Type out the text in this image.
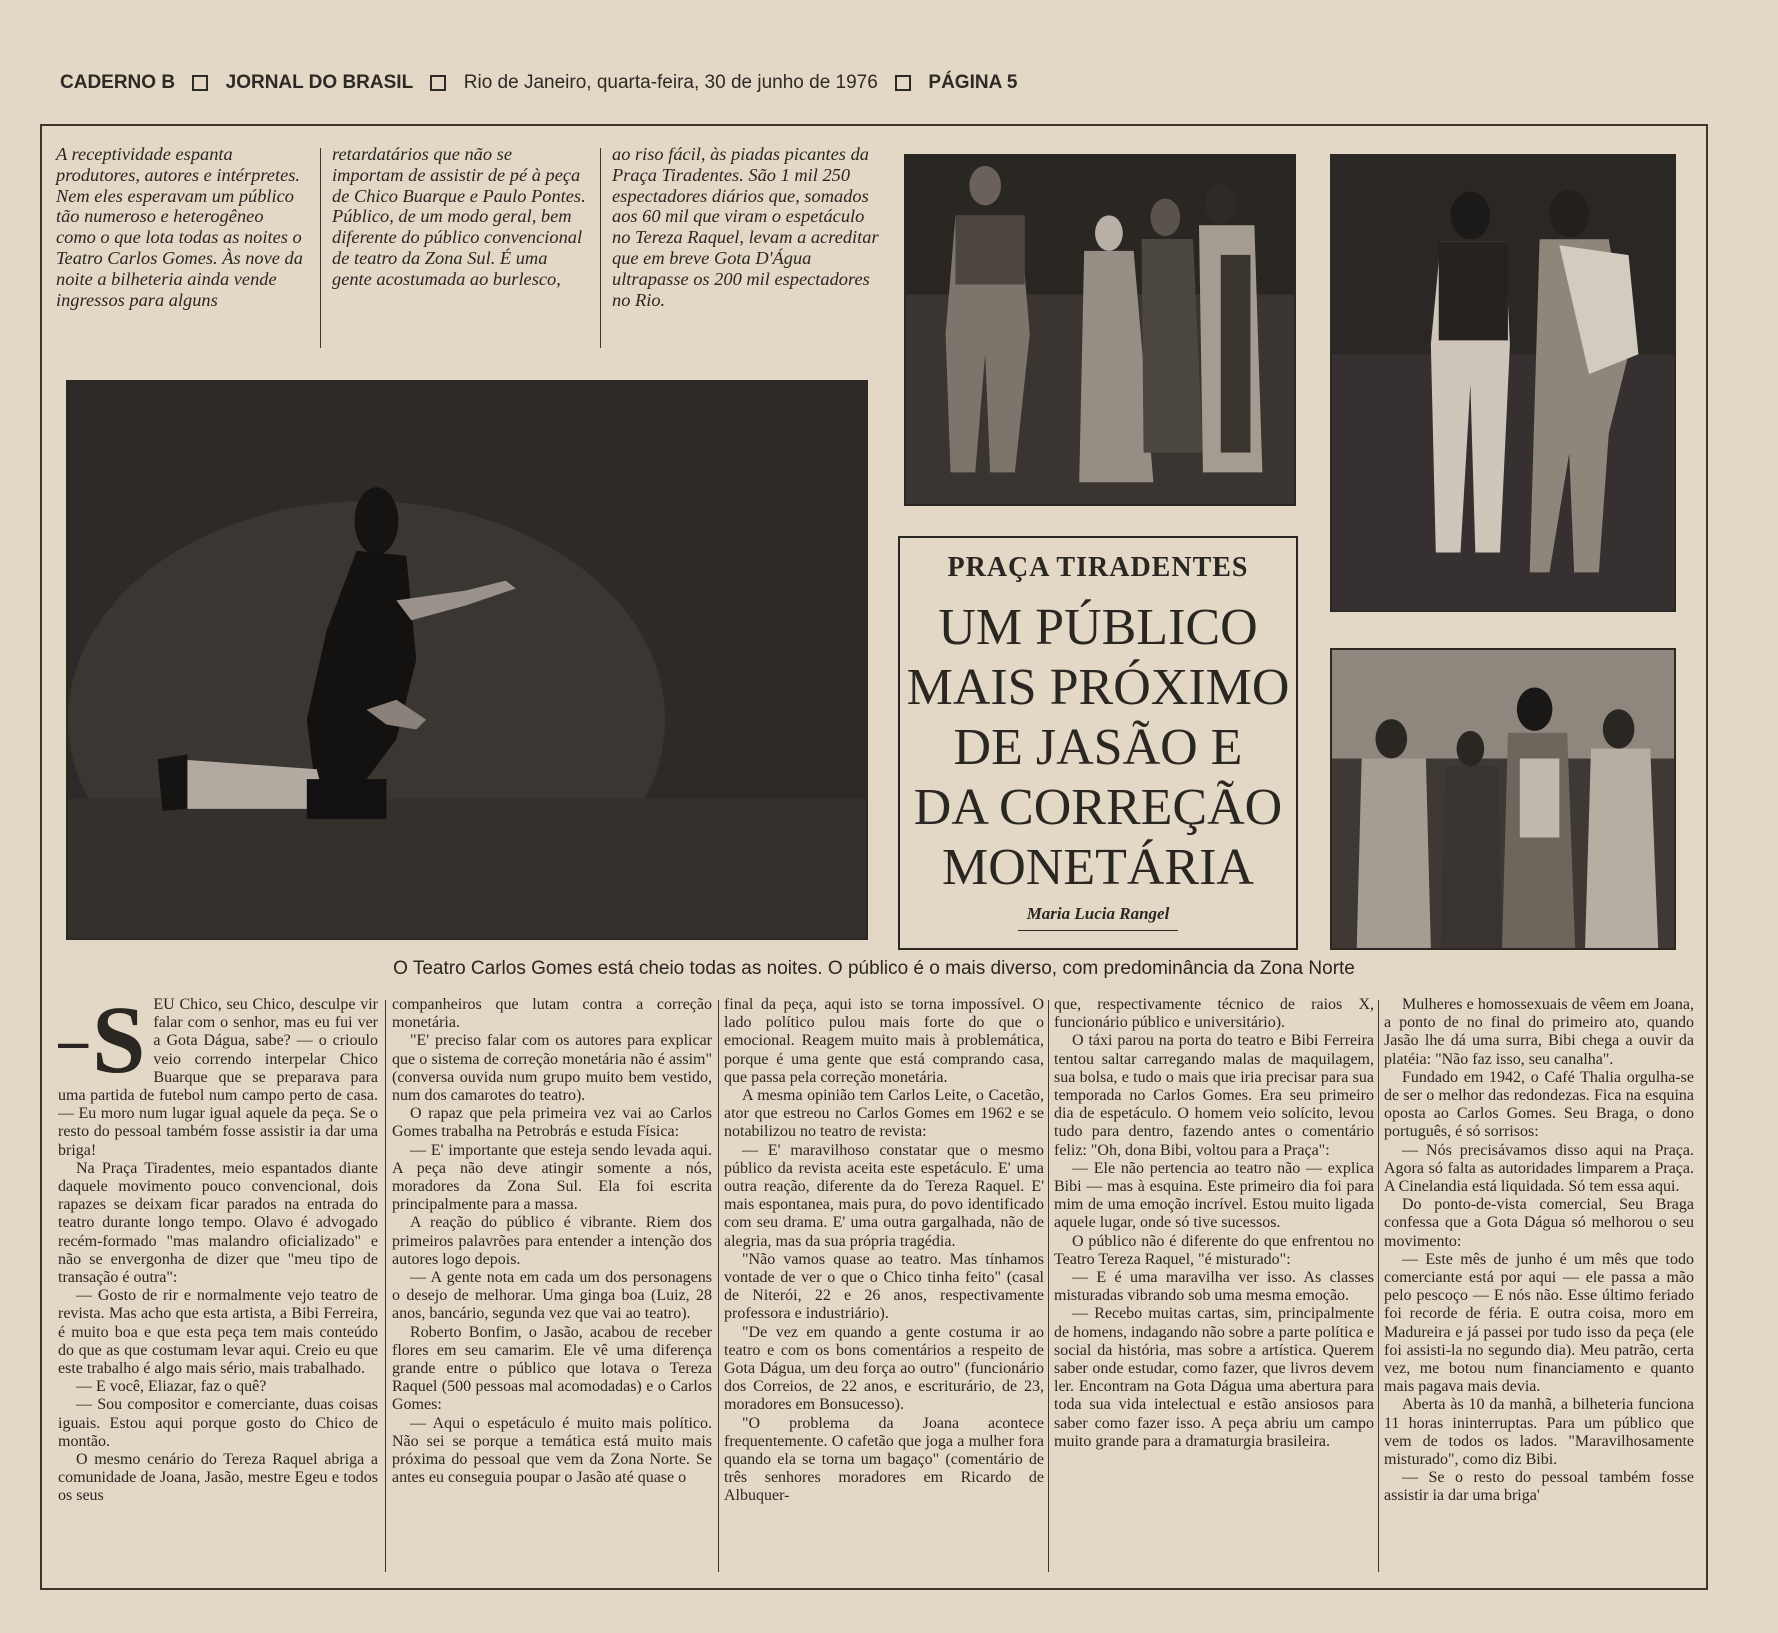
CADERNO B	JORNAL DO BRASIL	Rio de Janeiro, quarta-feira, 30 de junho de 1976	PÁGINA 5
A receptividade espanta produtores, autores e intérpretes. Nem eles esperavam um público tão numeroso e heterogêneo como o que lota todas as noites o Teatro Carlos Gomes. Às nove da noite a bilheteria ainda vende ingressos para alguns
retardatários que não se importam de assistir de pé à peça de Chico Buarque e Paulo Pontes. Público, de um modo geral, bem diferente do público convencional de teatro da Zona Sul. É uma gente acostumada ao burlesco,
ao riso fácil, às piadas picantes da Praça Tiradentes. São 1 mil 250 espectadores diários que, somados aos 60 mil que viram o espetáculo no Tereza Raquel, levam a acreditar que em breve Gota D'Água ultrapasse os 200 mil espectadores no Rio.
PRAÇA TIRADENTES
UM PÚBLICO
MAIS PRÓXIMO
DE JASÃO E
DA CORREÇÃO
MONETÁRIA
Maria Lucia Rangel
O Teatro Carlos Gomes está cheio todas as noites. O público é o mais diverso, com predominância da Zona Norte
– S EU Chico, seu Chico, desculpe vir falar com o senhor, mas eu fui ver a Gota Dágua, sabe? — o crioulo veio correndo interpelar Chico Buarque que se preparava para uma partida de futebol num campo perto de casa. — Eu moro num lugar igual aquele da peça. Se o resto do pessoal também fosse assistir ia dar uma briga!

Na Praça Tiradentes, meio espantados diante daquele movimento pouco convencional, dois rapazes se deixam ficar parados na entrada do teatro durante longo tempo. Olavo é advogado recém-formado "mas malandro oficializado" e não se envergonha de dizer que "meu tipo de transação é outra":

— Gosto de rir e normalmente vejo teatro de revista. Mas acho que esta artista, a Bibi Ferreira, é muito boa e que esta peça tem mais conteúdo do que as que costumam levar aqui. Creio eu que este trabalho é algo mais sério, mais trabalhado.

— E você, Eliazar, faz o quê?

— Sou compositor e comerciante, duas coisas iguais. Estou aqui porque gosto do Chico de montão.

O mesmo cenário do Tereza Raquel abriga a comunidade de Joana, Jasão, mestre Egeu e todos os seus

companheiros que lutam contra a correção monetária.

"E' preciso falar com os autores para explicar que o sistema de correção monetária não é assim" (conversa ouvida num grupo muito bem vestido, num dos camarotes do teatro).

O rapaz que pela primeira vez vai ao Carlos Gomes trabalha na Petrobrás e estuda Física:

— E' importante que esteja sendo levada aqui. A peça não deve atingir somente a nós, moradores da Zona Sul. Ela foi escrita principalmente para a massa.

A reação do público é vibrante. Riem dos primeiros palavrões para entender a intenção dos autores logo depois.

— A gente nota em cada um dos personagens o desejo de melhorar. Uma ginga boa (Luiz, 28 anos, bancário, segunda vez que vai ao teatro).

Roberto Bonfim, o Jasão, acabou de receber flores em seu camarim. Ele vê uma diferença grande entre o público que lotava o Tereza Raquel (500 pessoas mal acomodadas) e o Carlos Gomes:

— Aqui o espetáculo é muito mais político. Não sei se porque a temática está muito mais próxima do pessoal que vem da Zona Norte. Se antes eu conseguia poupar o Jasão até quase o

final da peça, aqui isto se torna impossível. O lado político pulou mais forte do que o emocional. Reagem muito mais à problemática, porque é uma gente que está comprando casa, que passa pela correção monetária.

A mesma opinião tem Carlos Leite, o Cacetão, ator que estreou no Carlos Gomes em 1962 e se notabilizou no teatro de revista:

— E' maravilhoso constatar que o mesmo público da revista aceita este espetáculo. E' uma outra reação, diferente da do Tereza Raquel. E' mais espontanea, mais pura, do povo identificado com seu drama. E' uma outra gargalhada, não de alegria, mas da sua própria tragédia.

"Não vamos quase ao teatro. Mas tínhamos vontade de ver o que o Chico tinha feito" (casal de Niterói, 22 e 26 anos, respectivamente professora e industriário).

"De vez em quando a gente costuma ir ao teatro e com os bons comentários a respeito de Gota Dágua, um deu força ao outro" (funcionário dos Correios, de 22 anos, e escriturário, de 23, moradores em Bonsucesso).

"O problema da Joana acontece frequentemente. O cafetão que joga a mulher fora quando ela se torna um bagaço" (comentário de três senhores moradores em Ricardo de Albuquer-

que, respectivamente técnico de raios X, funcionário público e universitário).

O táxi parou na porta do teatro e Bibi Ferreira tentou saltar carregando malas de maquilagem, sua bolsa, e tudo o mais que iria precisar para sua temporada no Carlos Gomes. Era seu primeiro dia de espetáculo. O homem veio solícito, levou tudo para dentro, fazendo antes o comentário feliz: "Oh, dona Bibi, voltou para a Praça":

— Ele não pertencia ao teatro não — explica Bibi — mas à esquina. Este primeiro dia foi para mim de uma emoção incrível. Estou muito ligada aquele lugar, onde só tive sucessos.

O público não é diferente do que enfrentou no Teatro Tereza Raquel, "é misturado":

— E é uma maravilha ver isso. As classes misturadas vibrando sob uma mesma emoção.

— Recebo muitas cartas, sim, principalmente de homens, indagando não sobre a parte política e social da história, mas sobre a artística. Querem saber onde estudar, como fazer, que livros devem ler. Encontram na Gota Dágua uma abertura para toda sua vida intelectual e estão ansiosos para saber como fazer isso. A peça abriu um campo muito grande para a dramaturgia brasileira.

Mulheres e homossexuais de vêem em Joana, a ponto de no final do primeiro ato, quando Jasão lhe dá uma surra, Bibi chega a ouvir da platéia: "Não faz isso, seu canalha".

Fundado em 1942, o Café Thalia orgulha-se de ser o melhor das redondezas. Fica na esquina oposta ao Carlos Gomes. Seu Braga, o dono português, é só sorrisos:

— Nós precisávamos disso aqui na Praça. Agora só falta as autoridades limparem a Praça. A Cinelandia está liquidada. Só tem essa aqui.

Do ponto-de-vista comercial, Seu Braga confessa que a Gota Dágua só melhorou o seu movimento:

— Este mês de junho é um mês que todo comerciante está por aqui — ele passa a mão pelo pescoço — E nós não. Esse último feriado foi recorde de féria. E outra coisa, moro em Madureira e já passei por tudo isso da peça (ele foi assisti-la no segundo dia). Meu patrão, certa vez, me botou num financiamento e quanto mais pagava mais devia.

Aberta às 10 da manhã, a bilheteria funciona 11 horas ininterruptas. Para um público que vem de todos os lados. "Maravilhosamente misturado", como diz Bibi.

— Se o resto do pessoal também fosse assistir ia dar uma briga'
